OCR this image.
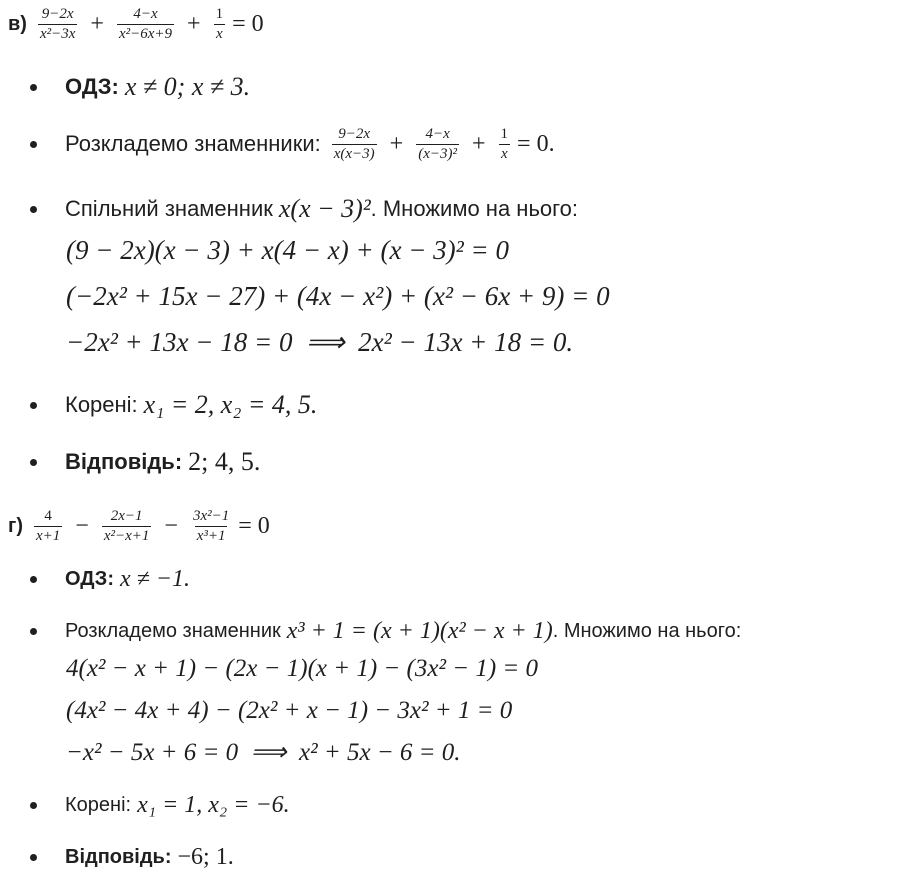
$в) \frac{9-2x}{\text{x²−3x}} + \frac{4-x}{\text{x²−6x+9}} + \frac{1}{x} = 0$
ОДЗ: x ≠ 0; x ≠ 3.
Розкладемо знаменники: $\frac{9-2x}{x(x-3)} + \frac{4-x}{\text{(x−3)²}} + \frac{1}{x} = 0$.
Спільний знаменник x(x − 3)² . Множимо на нього:
(9 − 2x)(x − 3) + x(4 − x) + (x − 3)² = 0
(−2x² + 15x − 27) + (4x − x²) + (x² − 6x + 9) = 0
−2x² + 13x − 18 = 0  ⟹  2x² − 13x + 18 = 0.
Корені: x₁ = 2, x₂ = 4, 5.
Відповідь: 2; 4, 5.
$г) \frac{4}{x+1} - \frac{2x-1}{\text{x²−x+1}} - \frac{\text{3x²−1}}{\text{x³+1}} = 0$
ОДЗ: x ≠ −1.
Розкладемо знаменник x³ + 1 = (x + 1)(x² − x + 1) . Множимо на нього:
4(x² − x + 1) − (2x − 1)(x + 1) − (3x² − 1) = 0
(4x² − 4x + 4) − (2x² + x − 1) − 3x² + 1 = 0
−x² − 5x + 6 = 0  ⟹  x² + 5x − 6 = 0.
Корені: x₁ = 1, x₂ = −6.
Відповідь: −6; 1.
